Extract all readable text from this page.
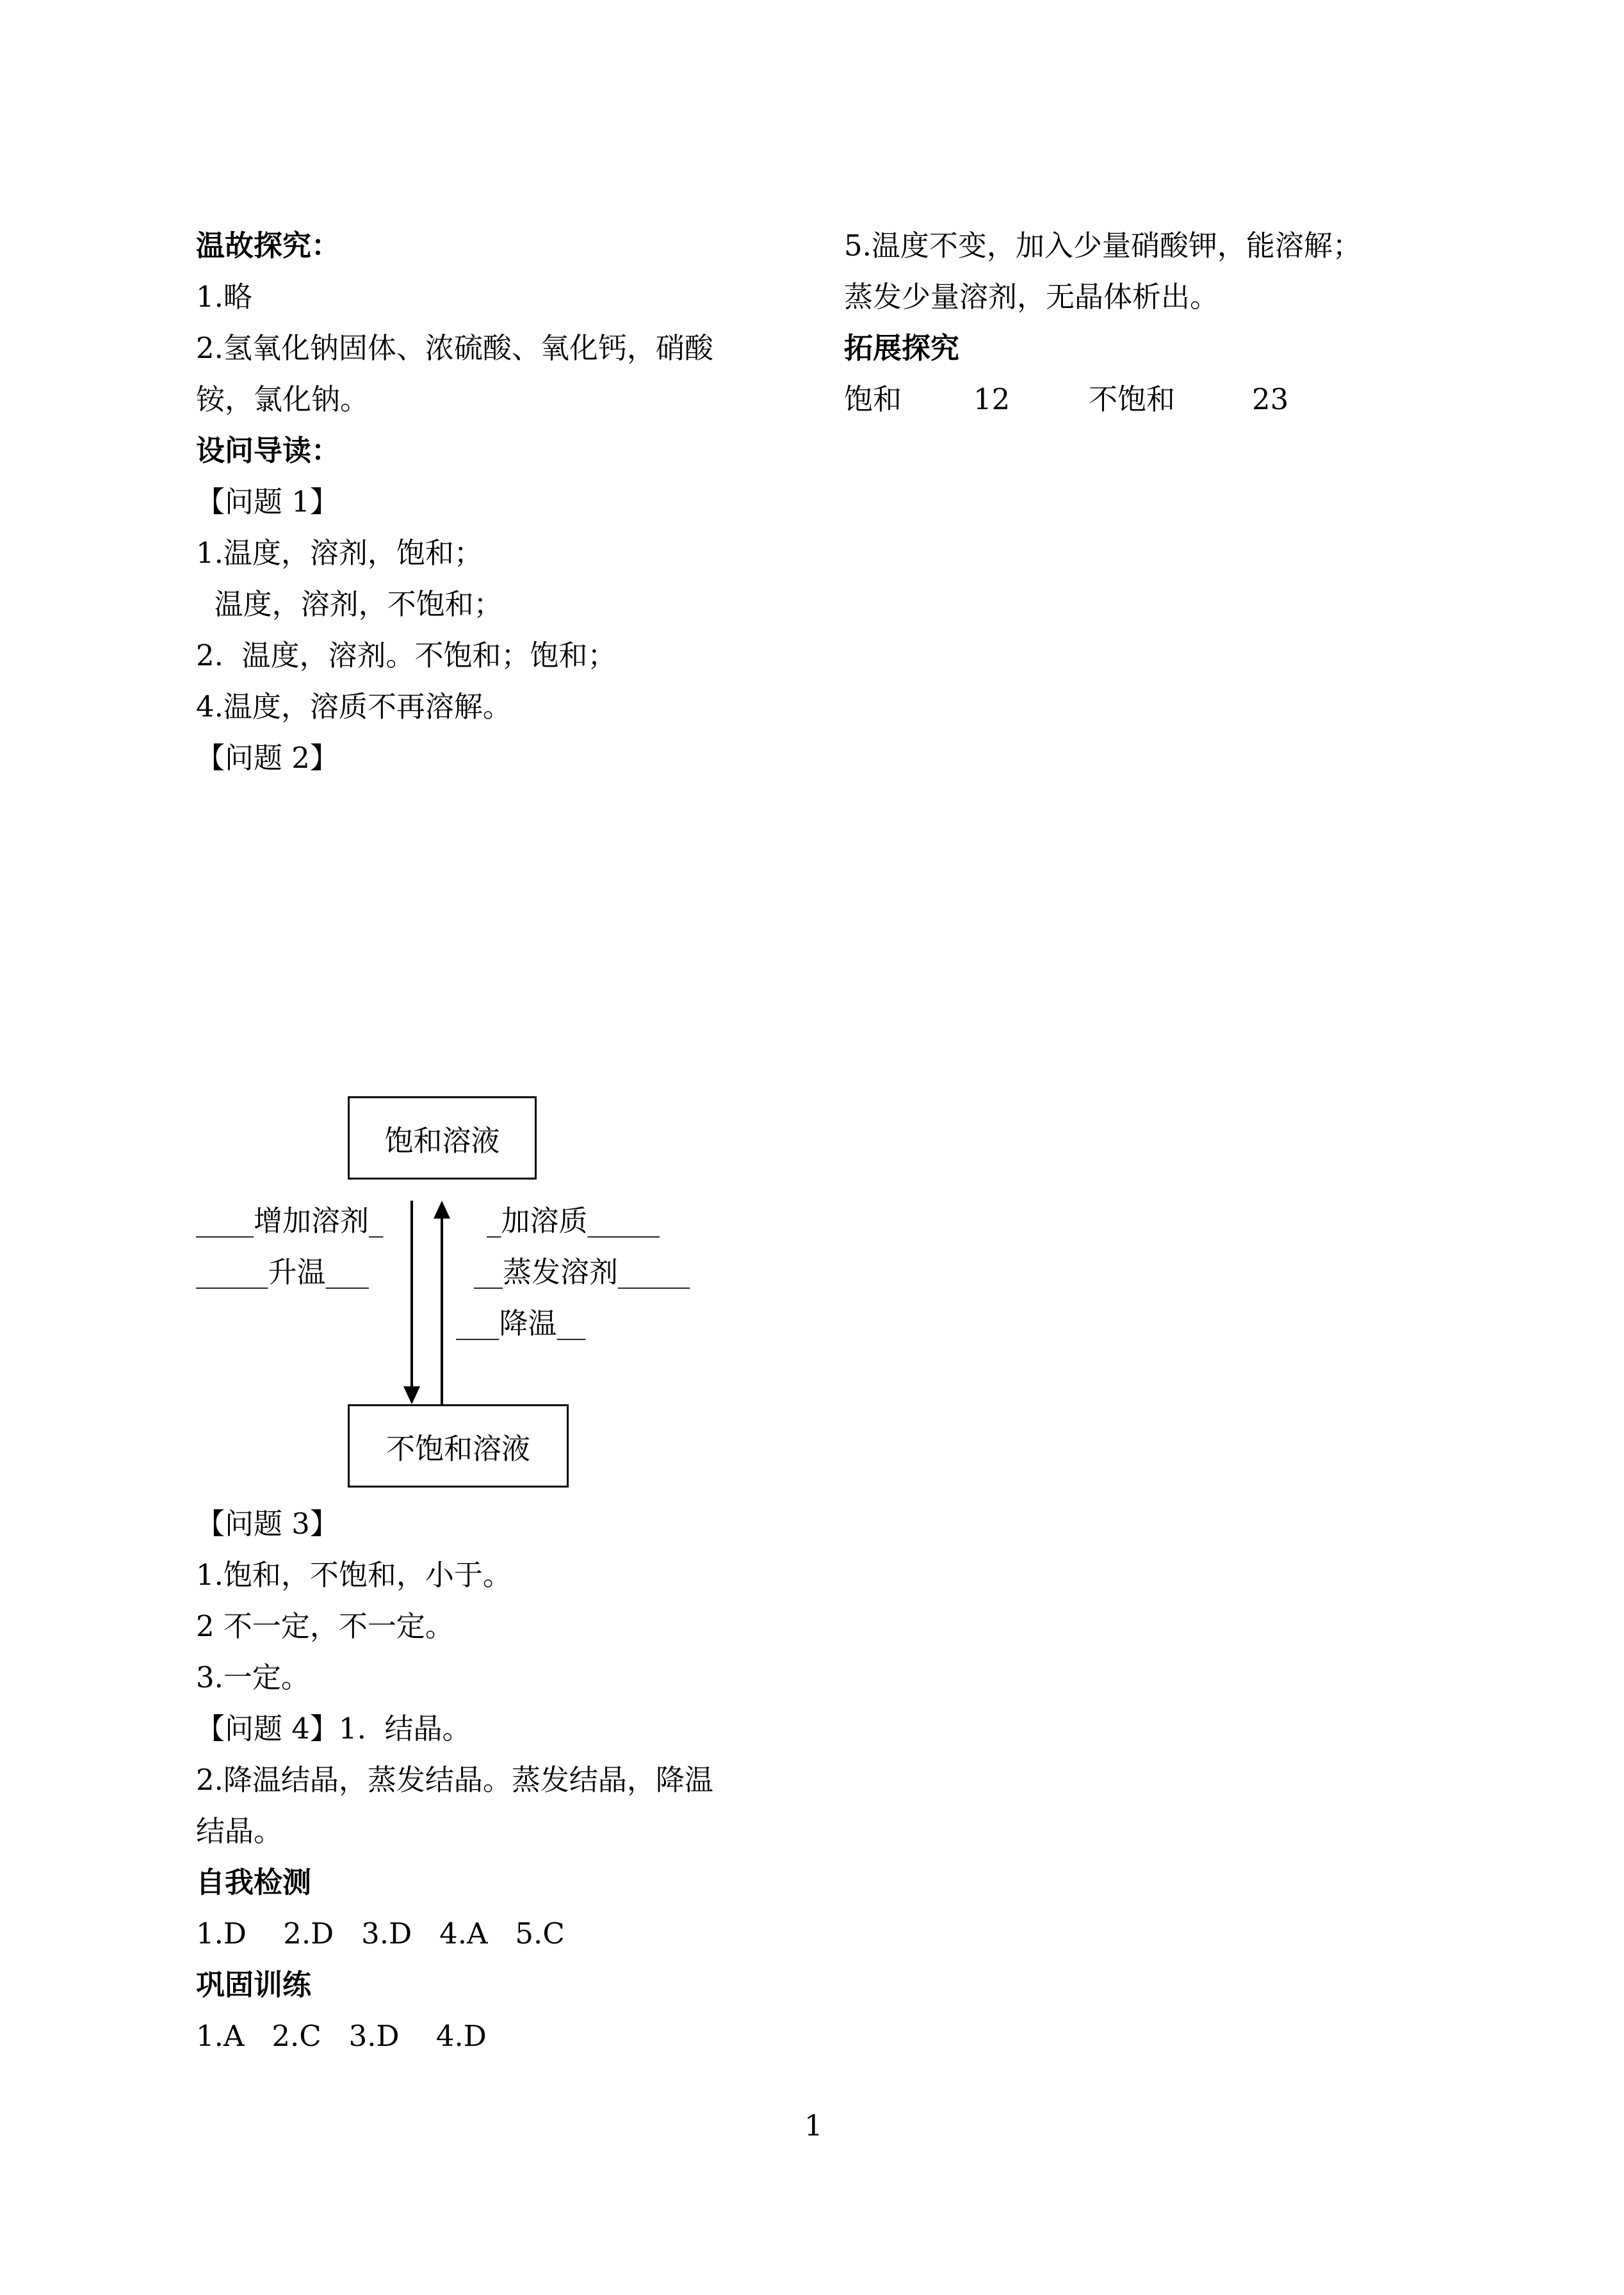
温故探究：
1.略
2.氢氧化钠固体、浓硫酸、氧化钙，硝酸
铵，氯化钠。
设问导读：
【问题 1】
1.温度，溶剂，饱和；
温度，溶剂，不饱和；
2.  温度，溶剂。不饱和；饱和；
4.温度，溶质不再溶解。
【问题 2】
饱和溶液
不饱和溶液
____增加溶剂_
_____升温___
_加溶质_____
__蒸发溶剂_____
___降温__
【问题 3】
1.饱和，不饱和，小于。
2 不一定，不一定。
3.一定。
【问题 4】1.  结晶。
2.降温结晶，蒸发结晶。蒸发结晶，降温
结晶。
自我检测
1.D    2.D   3.D   4.A   5.C
巩固训练
1.A   2.C   3.D    4.D
5.温度不变，加入少量硝酸钾，能溶解；
蒸发少量溶剂，无晶体析出。
拓展探究
饱和 12	不饱和	23
1
